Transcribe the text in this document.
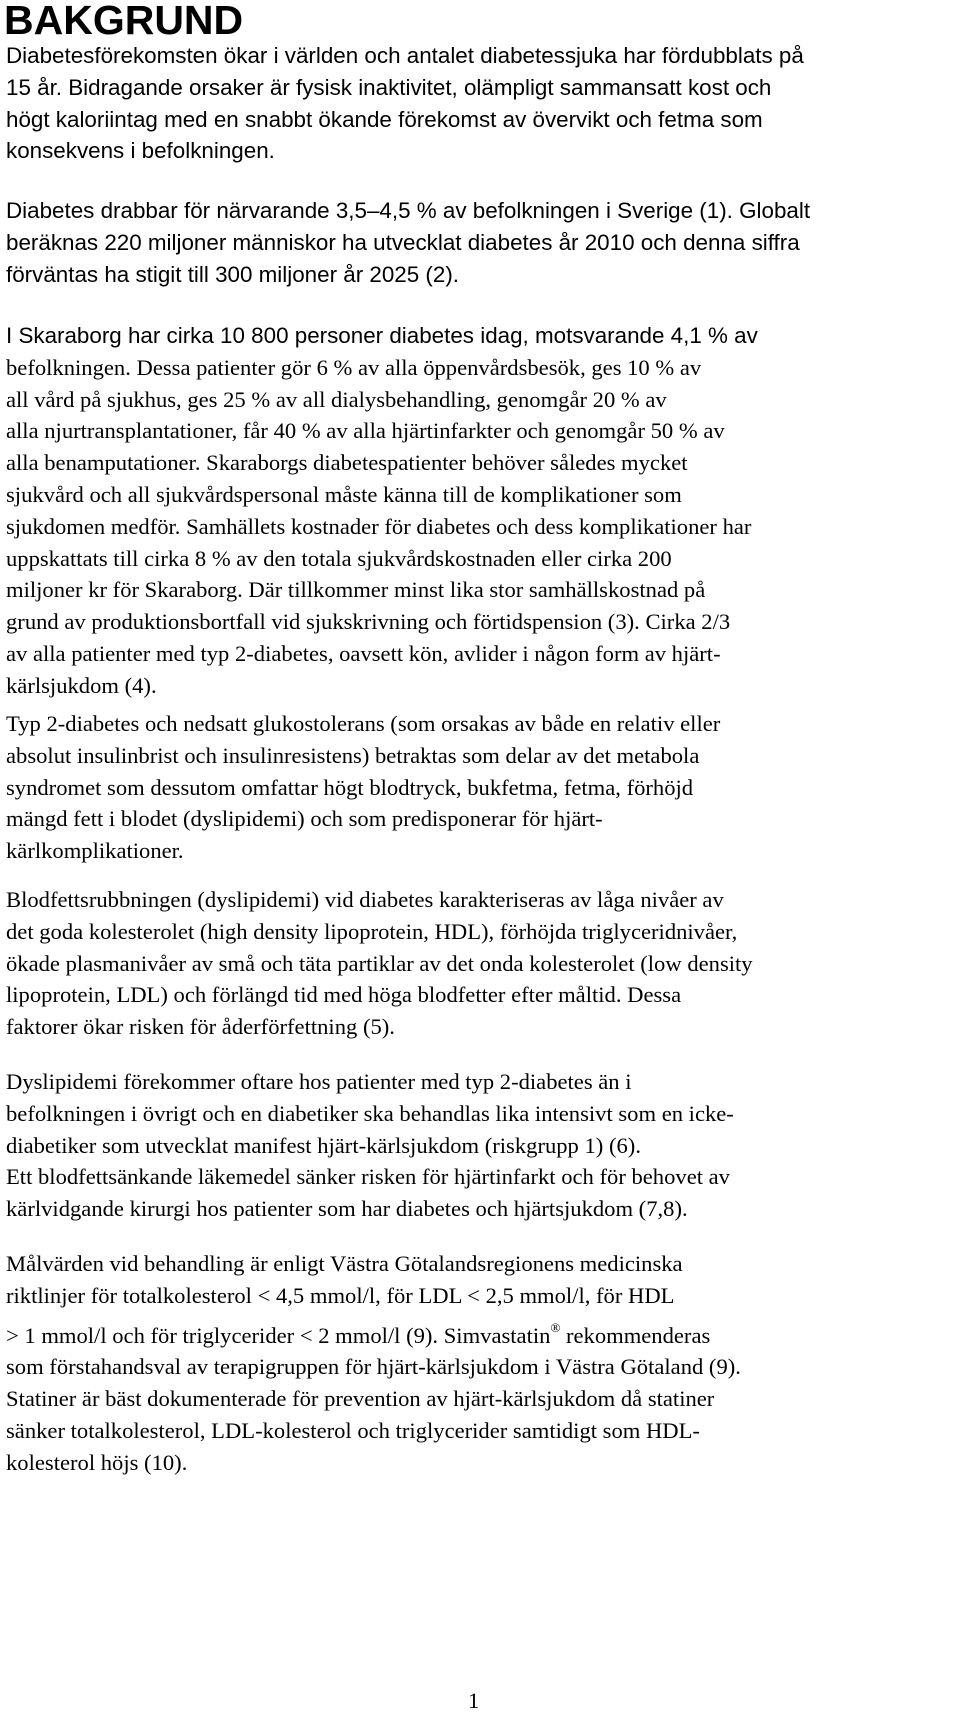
BAKGRUND
Diabetesförekomsten ökar i världen och antalet diabetessjuka har fördubblats på
15 år. Bidragande orsaker är fysisk inaktivitet, olämpligt sammansatt kost och
högt kaloriintag med en snabbt ökande förekomst av övervikt och fetma som
konsekvens i befolkningen.
Diabetes drabbar för närvarande 3,5–4,5 % av befolkningen i Sverige (1). Globalt
beräknas 220 miljoner människor ha utvecklat diabetes år 2010 och denna siffra
förväntas ha stigit till 300 miljoner år 2025 (2).
I Skaraborg har cirka 10 800 personer diabetes idag, motsvarande 4,1 % av
befolkningen. Dessa patienter gör 6 % av alla öppenvårdsbesök, ges 10 % av
all vård på sjukhus, ges 25 % av all dialysbehandling, genomgår 20 % av
alla njurtransplantationer, får 40 % av alla hjärtinfarkter och genomgår 50 % av
alla benamputationer. Skaraborgs diabetespatienter behöver således mycket
sjukvård och all sjukvårdspersonal måste känna till de komplikationer som
sjukdomen medför. Samhällets kostnader för diabetes och dess komplikationer har
uppskattats till cirka 8 % av den totala sjukvårdskostnaden eller cirka 200
miljoner kr för Skaraborg. Där tillkommer minst lika stor samhällskostnad på
grund av produktionsbortfall vid sjukskrivning och förtidspension (3). Cirka 2/3
av alla patienter med typ 2-diabetes, oavsett kön, avlider i någon form av hjärt-
kärlsjukdom (4).
Typ 2-diabetes och nedsatt glukostolerans (som orsakas av både en relativ eller
absolut insulinbrist och insulinresistens) betraktas som delar av det metabola
syndromet som dessutom omfattar högt blodtryck, bukfetma, fetma, förhöjd
mängd fett i blodet (dyslipidemi) och som predisponerar för hjärt-
kärlkomplikationer.
Blodfettsrubbningen (dyslipidemi) vid diabetes karakteriseras av låga nivåer av
det goda kolesterolet (high density lipoprotein, HDL), förhöjda triglyceridnivåer,
ökade plasmanivåer av små och täta partiklar av det onda kolesterolet (low density
lipoprotein, LDL) och förlängd tid med höga blodfetter efter måltid. Dessa
faktorer ökar risken för åderförfettning (5).
Dyslipidemi förekommer oftare hos patienter med typ 2-diabetes än i
befolkningen i övrigt och en diabetiker ska behandlas lika intensivt som en icke-
diabetiker som utvecklat manifest hjärt-kärlsjukdom (riskgrupp 1) (6).
Ett blodfettsänkande läkemedel sänker risken för hjärtinfarkt och för behovet av
kärlvidgande kirurgi hos patienter som har diabetes och hjärtsjukdom (7,8).
Målvärden vid behandling är enligt Västra Götalandsregionens medicinska
riktlinjer för totalkolesterol < 4,5 mmol/l, för LDL < 2,5 mmol/l, för HDL
> 1 mmol/l och för triglycerider < 2 mmol/l (9). Simvastatin® rekommenderas
som förstahandsval av terapigruppen för hjärt-kärlsjukdom i Västra Götaland (9).
Statiner är bäst dokumenterade för prevention av hjärt-kärlsjukdom då statiner
sänker totalkolesterol, LDL-kolesterol och triglycerider samtidigt som HDL-
kolesterol höjs (10).
1
